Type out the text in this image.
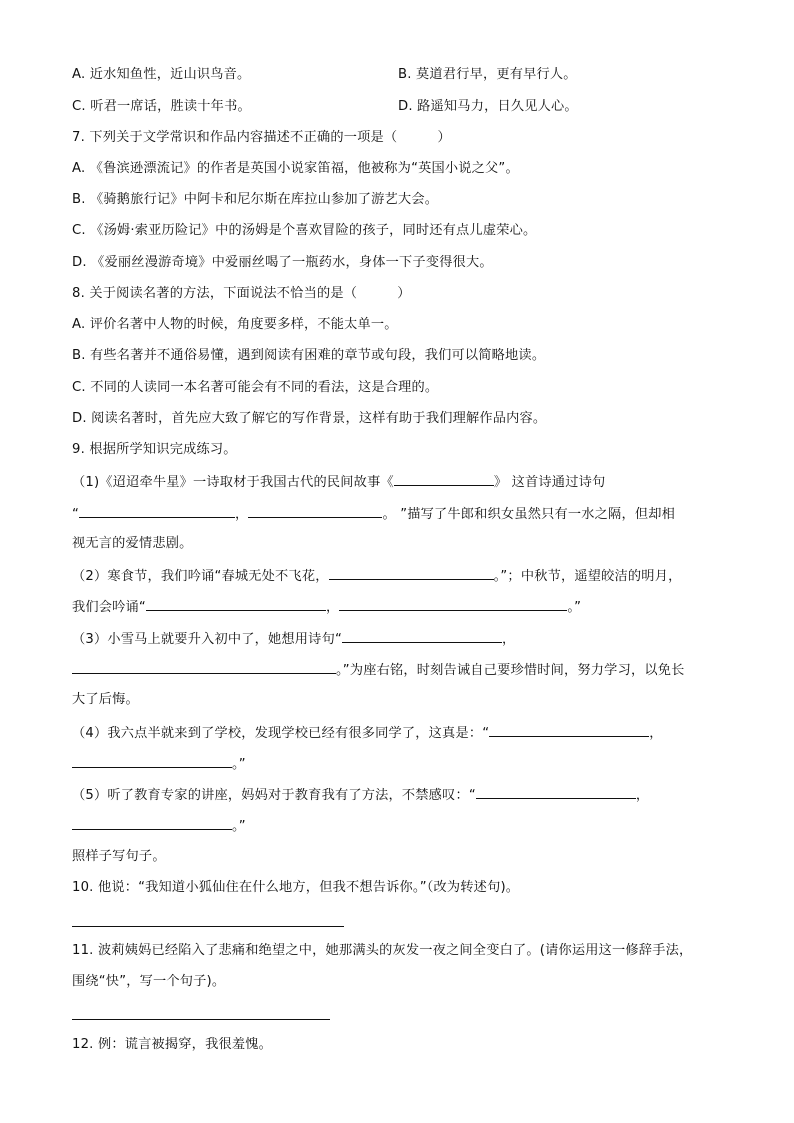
A. 近水知鱼性，近山识鸟音。	B. 莫道君行早，更有早行人。
C. 听君一席话，胜读十年书。	D. 路遥知马力，日久见人心。
7. 下列关于文学常识和作品内容描述不正确的一项是（　　　）
A. 《鲁滨逊漂流记》的作者是英国小说家笛福，他被称为“英国小说之父”。
B. 《骑鹅旅行记》中阿卡和尼尔斯在库拉山参加了游艺大会。
C. 《汤姆·索亚历险记》中的汤姆是个喜欢冒险的孩子，同时还有点儿虚荣心。
D. 《爱丽丝漫游奇境》中爱丽丝喝了一瓶药水，身体一下子变得很大。
8. 关于阅读名著的方法，下面说法不恰当的是（　　　）
A. 评价名著中人物的时候，角度要多样，不能太单一。
B. 有些名著并不通俗易懂，遇到阅读有困难的章节或句段，我们可以简略地读。
C. 不同的人读同一本名著可能会有不同的看法，这是合理的。
D. 阅读名著时，首先应大致了解它的写作背景，这样有助于我们理解作品内容。
9. 根据所学知识完成练习。
（1)《迢迢牵牛星》一诗取材于我国古代的民间故事《	》 这首诗通过诗句
“	，	。 ”描写了牛郎和织女虽然只有一水之隔，但却相
视无言的爱情悲剧。
（2）寒食节，我们吟诵“春城无处不飞花，	。”；中秋节，遥望皎洁的明月，
我们会吟诵“	，	。”
（3）小雪马上就要升入初中了，她想用诗句“	，
。”为座右铭，时刻告诫自己要珍惜时间，努力学习，以免长
大了后悔。
（4）我六点半就来到了学校，发现学校已经有很多同学了，这真是：“	，
。”
（5）听了教育专家的讲座，妈妈对于教育我有了方法，不禁感叹：“	，
。”
照样子写句子。
10. 他说：“我知道小狐仙住在什么地方，但我不想告诉你。”（改为转述句)。
11. 波莉姨妈已经陷入了悲痛和绝望之中，她那满头的灰发一夜之间全变白了。(请你运用这一修辞手法，
围绕“快”，写一个句子)。
12. 例：谎言被揭穿，我很羞愧。
